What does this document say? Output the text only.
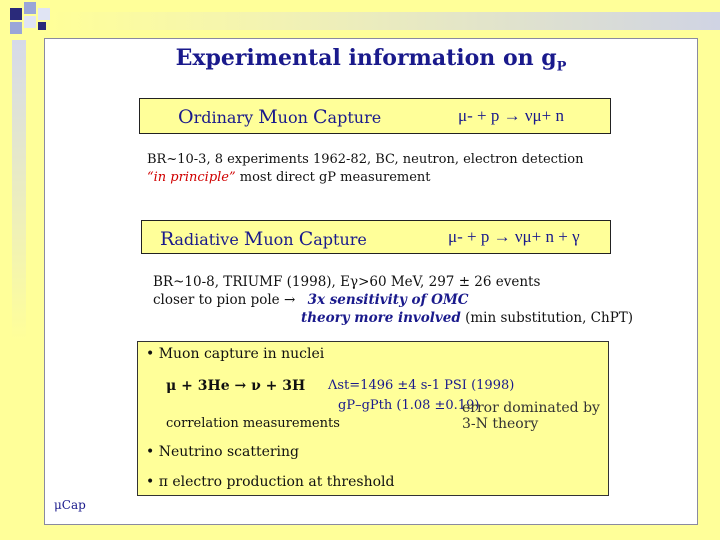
Experimental information on $g_P$
Ordinary Muon Capture	μ- + p → νμ+ n
BR~10-3, 8 experiments 1962-82, BC, neutron, electron detection
“in principle” most direct gP measurement
Radiative Muon Capture	μ- + p → νμ+ n + γ
BR~10-8, TRIUMF (1998), Eγ>60 MeV, 297 ± 26 events
closer to pion pole → 3x sensitivity of OMC
theory more involved (min substitution, ChPT)
• Muon capture in nuclei
μ + 3He → ν + 3H Λst=1496 ±4 s-1 PSI (1998)
gP–gPth (1.08 ±0.19)
error dominated by 3-N theory
correlation measurements
• Neutrino scattering
• π electro production at threshold
μCap
